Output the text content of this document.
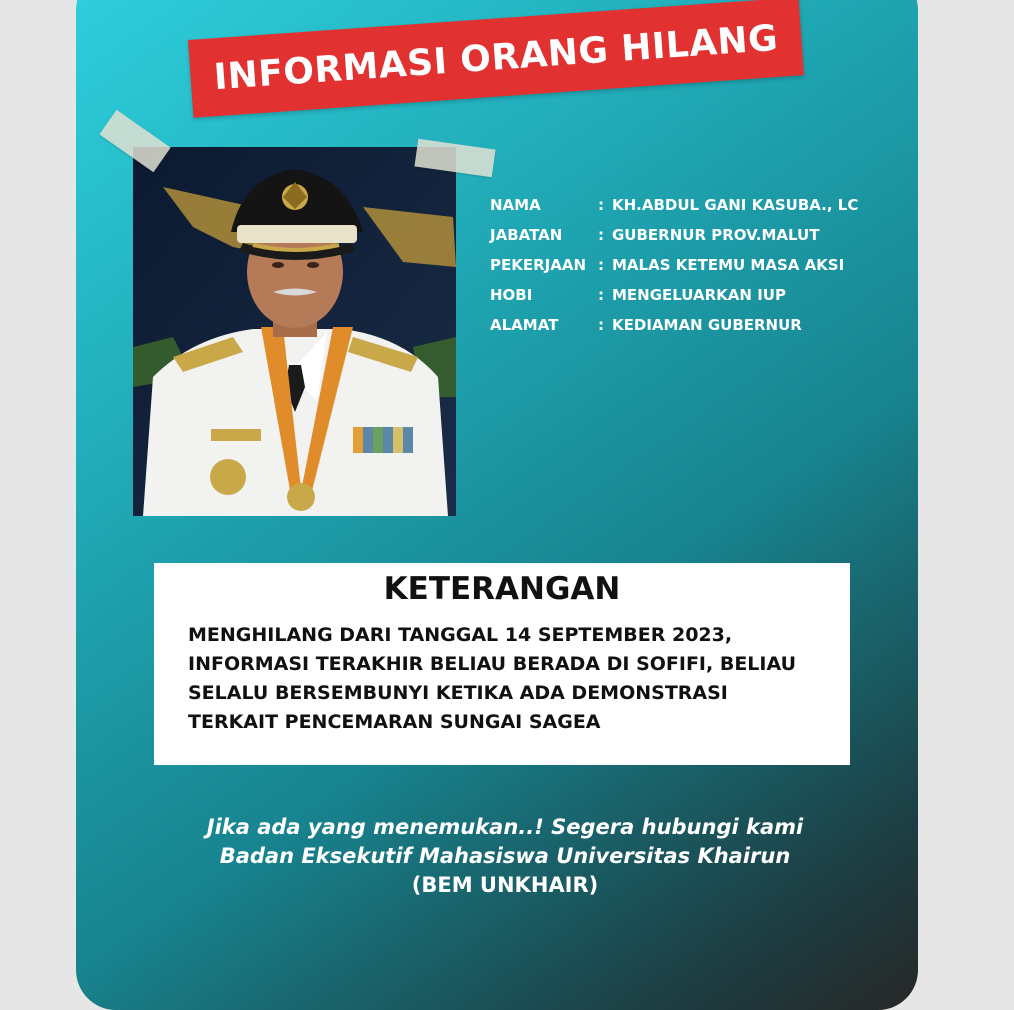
INFORMASI ORANG HILANG
NAMA	: KH.ABDUL GANI KASUBA., LC
JABATAN	: GUBERNUR PROV.MALUT
PEKERJAAN : MALAS KETEMU MASA AKSI
HOBI	: MENGELUARKAN IUP
ALAMAT	: KEDIAMAN GUBERNUR
KETERANGAN
MENGHILANG DARI TANGGAL 14 SEPTEMBER 2023,
INFORMASI TERAKHIR BELIAU BERADA DI SOFIFI, BELIAU
SELALU BERSEMBUNYI KETIKA ADA DEMONSTRASI
TERKAIT PENCEMARAN SUNGAI SAGEA
Jika ada yang menemukan..! Segera hubungi kami
Badan Eksekutif Mahasiswa Universitas Khairun
(BEM UNKHAIR)
